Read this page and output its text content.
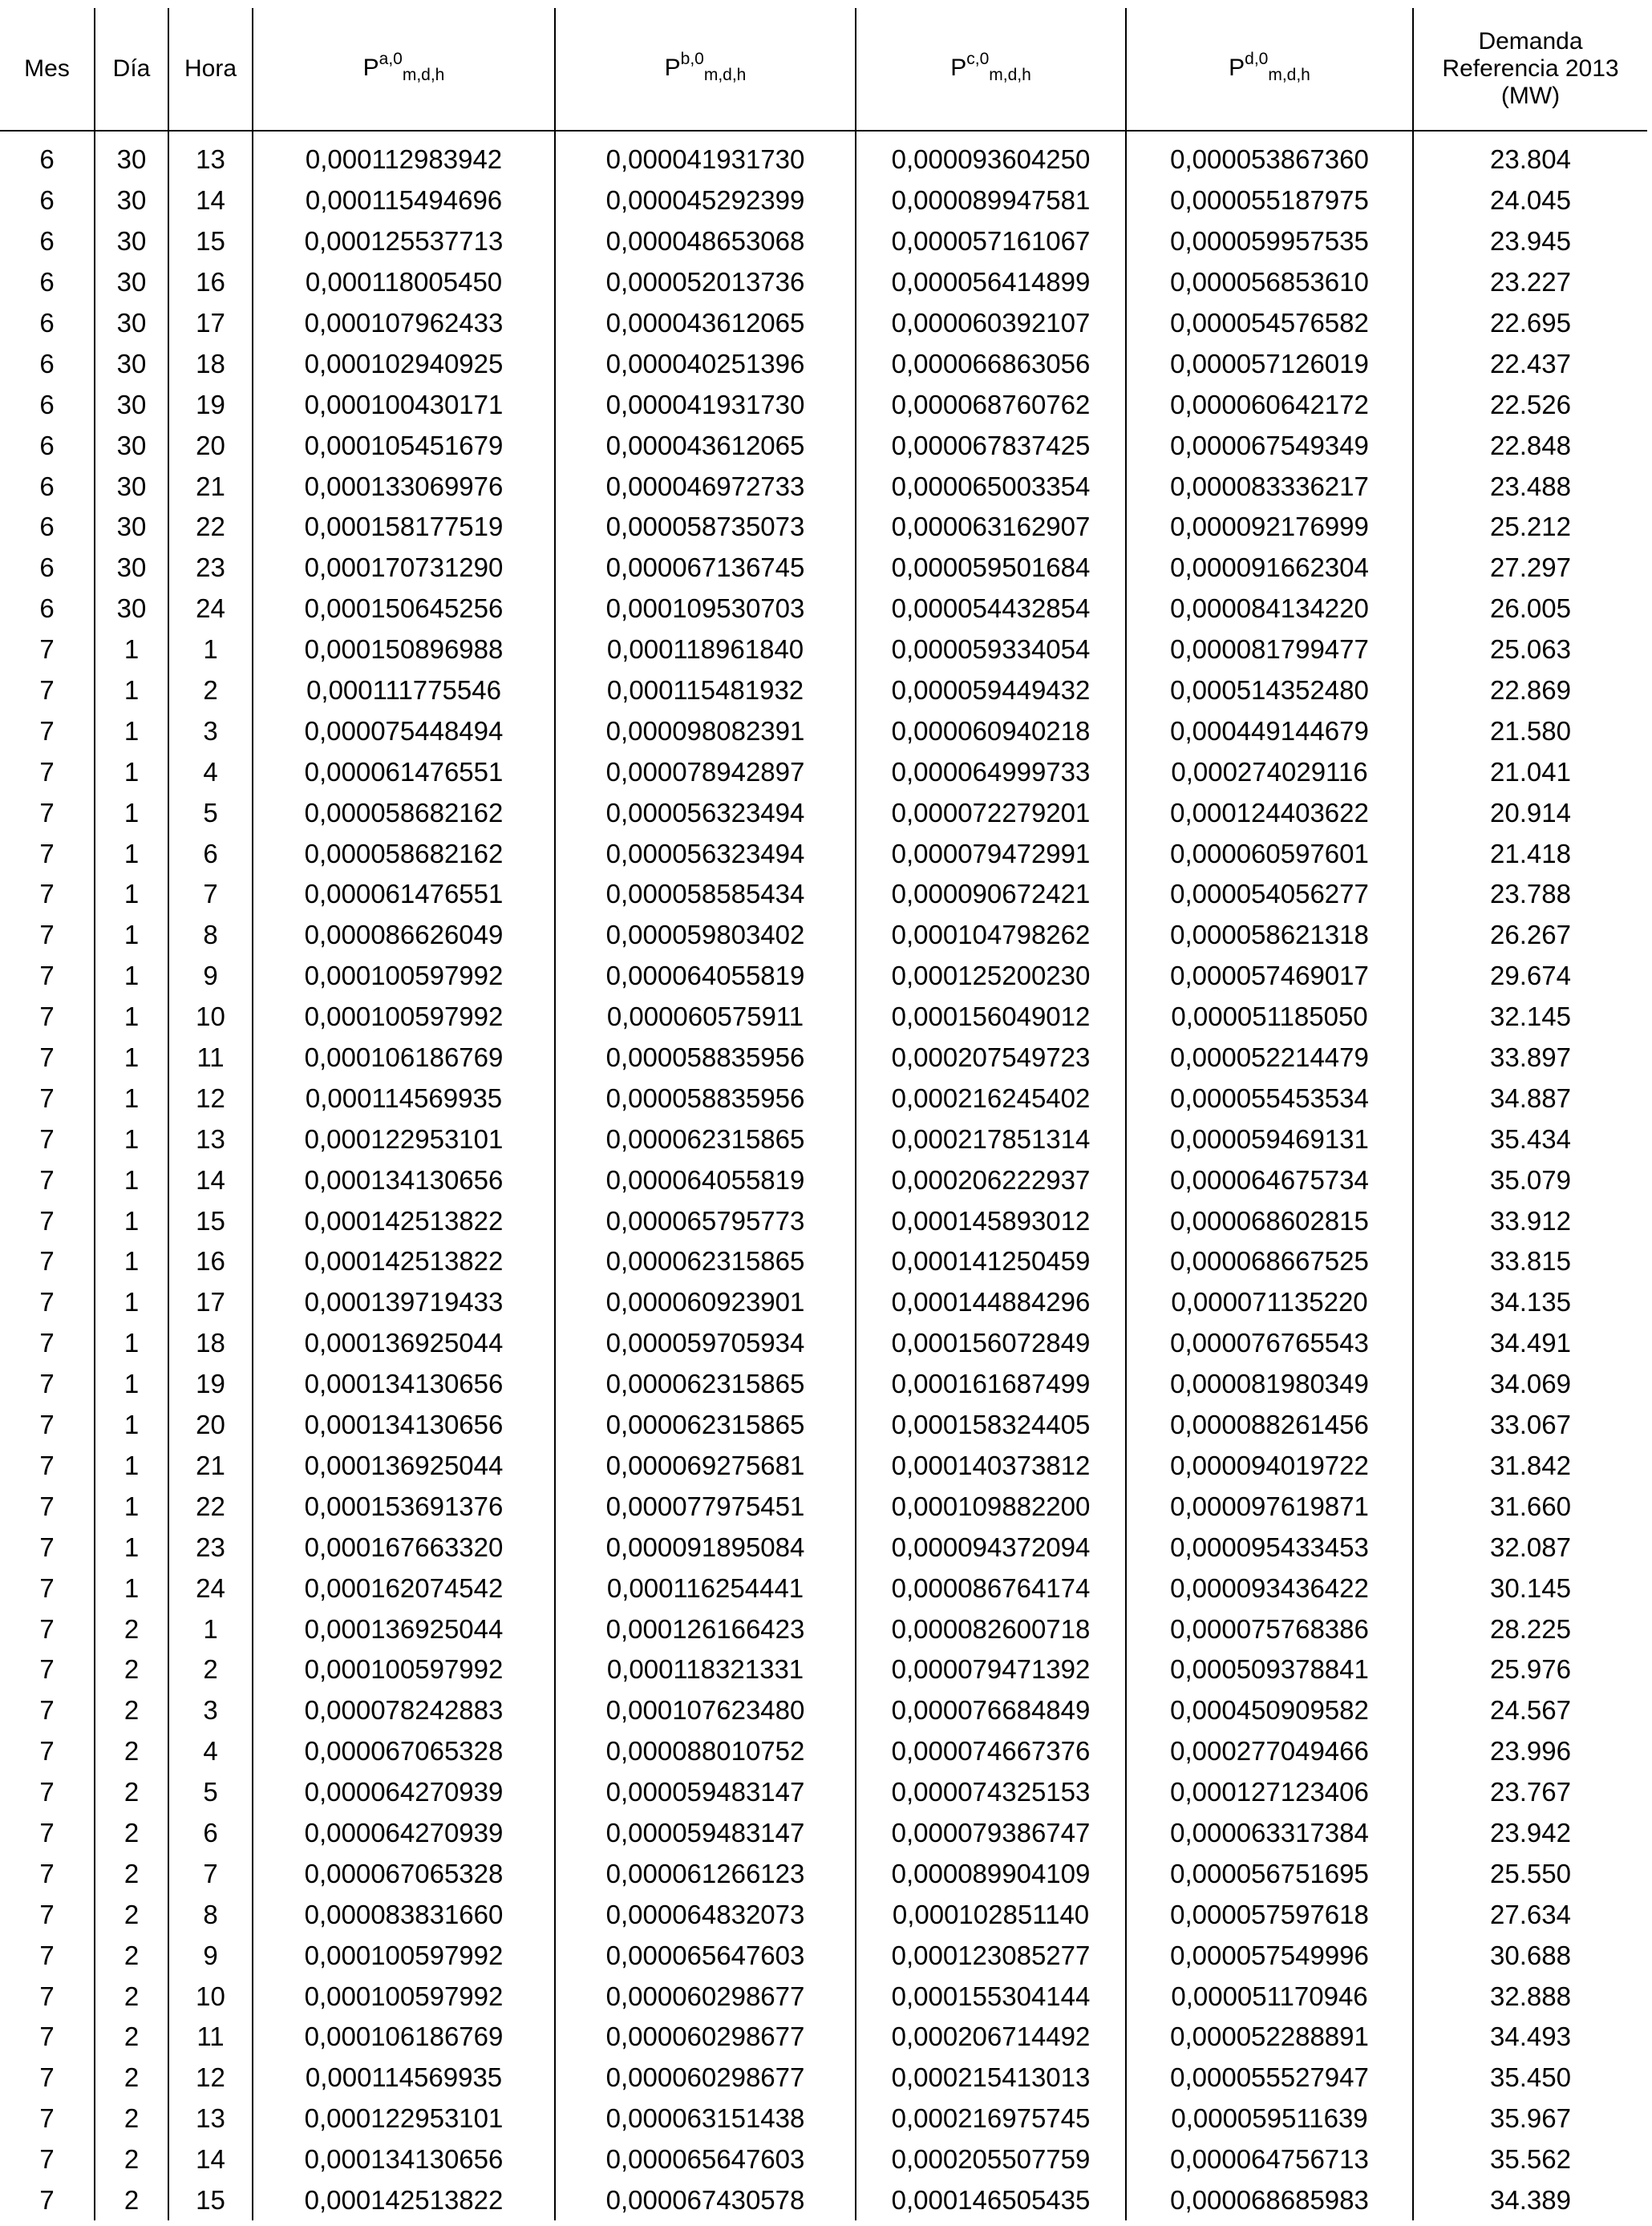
Mes	Día	Hora	P$^{a,0}_{m,d,h}$	P$^{b,0}_{m,d,h}$	P$^{c,0}_{m,d,h}$	P$^{d,0}_{m,d,h}$	Demanda
Referencia 2013
(MW)
6	30	13	0,000112983942	0,000041931730	0,000093604250	0,000053867360	23.804
6	30	14	0,000115494696	0,000045292399	0,000089947581	0,000055187975	24.045
6	30	15	0,000125537713	0,000048653068	0,000057161067	0,000059957535	23.945
6	30	16	0,000118005450	0,000052013736	0,000056414899	0,000056853610	23.227
6	30	17	0,000107962433	0,000043612065	0,000060392107	0,000054576582	22.695
6	30	18	0,000102940925	0,000040251396	0,000066863056	0,000057126019	22.437
6	30	19	0,000100430171	0,000041931730	0,000068760762	0,000060642172	22.526
6	30	20	0,000105451679	0,000043612065	0,000067837425	0,000067549349	22.848
6	30	21	0,000133069976	0,000046972733	0,000065003354	0,000083336217	23.488
6	30	22	0,000158177519	0,000058735073	0,000063162907	0,000092176999	25.212
6	30	23	0,000170731290	0,000067136745	0,000059501684	0,000091662304	27.297
6	30	24	0,000150645256	0,000109530703	0,000054432854	0,000084134220	26.005
7	1	1	0,000150896988	0,000118961840	0,000059334054	0,000081799477	25.063
7	1	2	0,000111775546	0,000115481932	0,000059449432	0,000514352480	22.869
7	1	3	0,000075448494	0,000098082391	0,000060940218	0,000449144679	21.580
7	1	4	0,000061476551	0,000078942897	0,000064999733	0,000274029116	21.041
7	1	5	0,000058682162	0,000056323494	0,000072279201	0,000124403622	20.914
7	1	6	0,000058682162	0,000056323494	0,000079472991	0,000060597601	21.418
7	1	7	0,000061476551	0,000058585434	0,000090672421	0,000054056277	23.788
7	1	8	0,000086626049	0,000059803402	0,000104798262	0,000058621318	26.267
7	1	9	0,000100597992	0,000064055819	0,000125200230	0,000057469017	29.674
7	1	10	0,000100597992	0,000060575911	0,000156049012	0,000051185050	32.145
7	1	11	0,000106186769	0,000058835956	0,000207549723	0,000052214479	33.897
7	1	12	0,000114569935	0,000058835956	0,000216245402	0,000055453534	34.887
7	1	13	0,000122953101	0,000062315865	0,000217851314	0,000059469131	35.434
7	1	14	0,000134130656	0,000064055819	0,000206222937	0,000064675734	35.079
7	1	15	0,000142513822	0,000065795773	0,000145893012	0,000068602815	33.912
7	1	16	0,000142513822	0,000062315865	0,000141250459	0,000068667525	33.815
7	1	17	0,000139719433	0,000060923901	0,000144884296	0,000071135220	34.135
7	1	18	0,000136925044	0,000059705934	0,000156072849	0,000076765543	34.491
7	1	19	0,000134130656	0,000062315865	0,000161687499	0,000081980349	34.069
7	1	20	0,000134130656	0,000062315865	0,000158324405	0,000088261456	33.067
7	1	21	0,000136925044	0,000069275681	0,000140373812	0,000094019722	31.842
7	1	22	0,000153691376	0,000077975451	0,000109882200	0,000097619871	31.660
7	1	23	0,000167663320	0,000091895084	0,000094372094	0,000095433453	32.087
7	1	24	0,000162074542	0,000116254441	0,000086764174	0,000093436422	30.145
7	2	1	0,000136925044	0,000126166423	0,000082600718	0,000075768386	28.225
7	2	2	0,000100597992	0,000118321331	0,000079471392	0,000509378841	25.976
7	2	3	0,000078242883	0,000107623480	0,000076684849	0,000450909582	24.567
7	2	4	0,000067065328	0,000088010752	0,000074667376	0,000277049466	23.996
7	2	5	0,000064270939	0,000059483147	0,000074325153	0,000127123406	23.767
7	2	6	0,000064270939	0,000059483147	0,000079386747	0,000063317384	23.942
7	2	7	0,000067065328	0,000061266123	0,000089904109	0,000056751695	25.550
7	2	8	0,000083831660	0,000064832073	0,000102851140	0,000057597618	27.634
7	2	9	0,000100597992	0,000065647603	0,000123085277	0,000057549996	30.688
7	2	10	0,000100597992	0,000060298677	0,000155304144	0,000051170946	32.888
7	2	11	0,000106186769	0,000060298677	0,000206714492	0,000052288891	34.493
7	2	12	0,000114569935	0,000060298677	0,000215413013	0,000055527947	35.450
7	2	13	0,000122953101	0,000063151438	0,000216975745	0,000059511639	35.967
7	2	14	0,000134130656	0,000065647603	0,000205507759	0,000064756713	35.562
7	2	15	0,000142513822	0,000067430578	0,000146505435	0,000068685983	34.389
